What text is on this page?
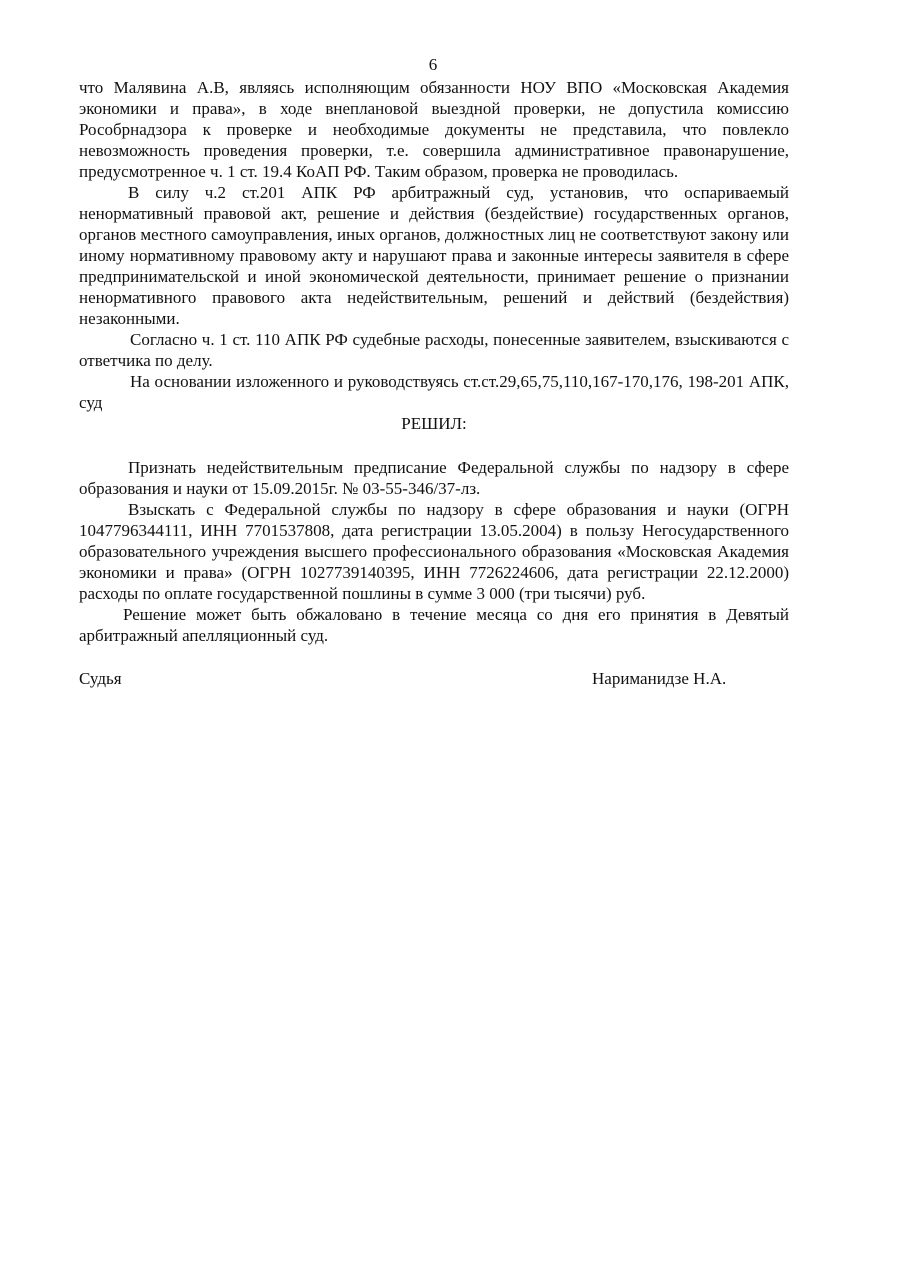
6

что Малявина А.В, являясь исполняющим обязанности НОУ ВПО «Московская Академия экономики и права», в ходе внеплановой выездной проверки, не допустила комиссию Рособрнадзора к проверке и необходимые документы не представила, что повлекло невозможность проведения проверки, т.е. совершила административное правонарушение, предусмотренное ч. 1 ст. 19.4 КоАП РФ. Таким образом, проверка не проводилась.

В силу ч.2 ст.201 АПК РФ арбитражный суд, установив, что оспариваемый ненормативный правовой акт, решение и действия (бездействие) государственных органов, органов местного самоуправления, иных органов, должностных лиц не соответствуют закону или иному нормативному правовому акту и нарушают права и законные интересы заявителя в сфере предпринимательской и иной экономической деятельности, принимает решение о признании ненормативного правового акта недействительным, решений и действий (бездействия) незаконными.

Согласно ч. 1 ст. 110 АПК РФ судебные расходы, понесенные заявителем, взыскиваются с ответчика по делу.

На основании изложенного и руководствуясь ст.ст.29,65,75,110,167-170,176, 198-201 АПК, суд

РЕШИЛ:

Признать недействительным предписание Федеральной службы по надзору в сфере образования и науки от 15.09.2015г. № 03-55-346/37-лз.

Взыскать с Федеральной службы по надзору в сфере образования и науки (ОГРН 1047796344111, ИНН 7701537808, дата регистрации 13.05.2004) в пользу Негосударственного образовательного учреждения высшего профессионального образования «Московская Академия экономики и права» (ОГРН 1027739140395, ИНН 7726224606, дата регистрации 22.12.2000) расходы по оплате государственной пошлины в сумме 3 000 (три тысячи) руб.

Решение может быть обжаловано в течение месяца со дня его принятия в Девятый арбитражный апелляционный суд.

Судья	Нариманидзе Н.А.
